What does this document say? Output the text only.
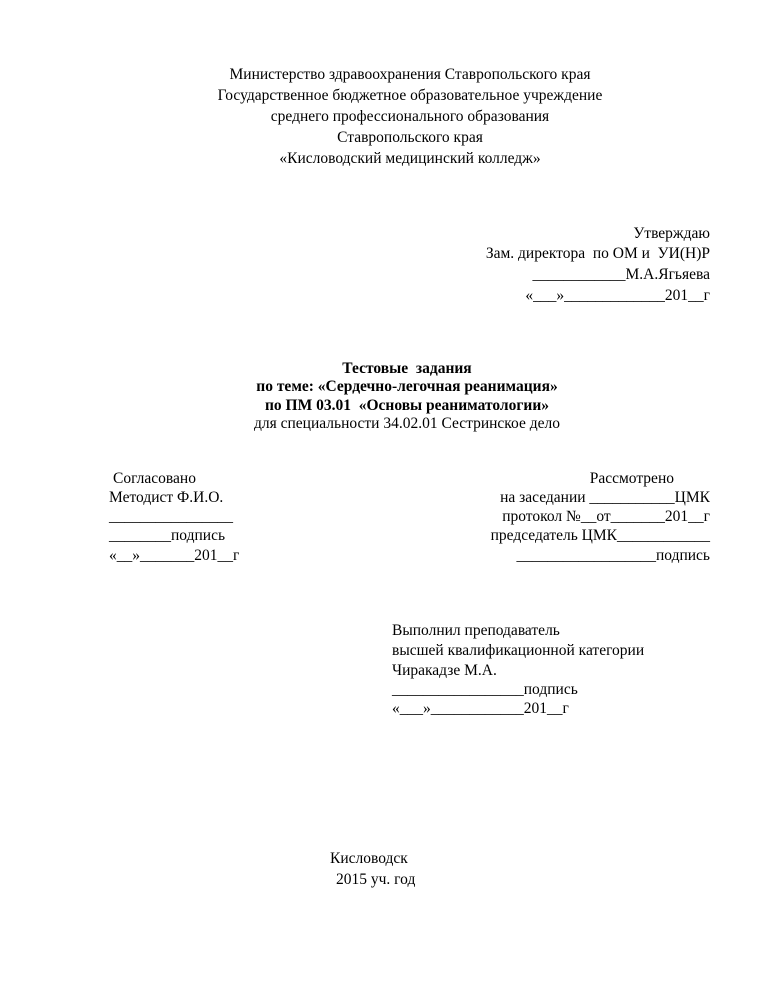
Министерство здравоохранения Ставропольского края
Государственное бюджетное образовательное учреждение
среднего профессионального образования
Ставропольского края
«Кисловодский медицинский колледж»
Утверждаю
Зам. директора  по ОМ и  УИ(Н)Р
____________М.А.Ягьяева
«___»_____________201__г
Тестовые  задания
по теме: «Сердечно-легочная реанимация»
по ПМ 03.01  «Основы реаниматологии»
для специальности 34.02.01 Сестринское дело
Согласовано
Методист Ф.И.О.
________________
________подпись
«__»_______201__г
Рассмотрено
на заседании ___________ЦМК
протокол №__от_______201__г
председатель ЦМК____________
__________________подпись
Выполнил преподаватель
высшей квалификационной категории
Чиракадзе М.А.
_________________подпись
«___»____________201__г
Кисловодск
2015 уч. год
